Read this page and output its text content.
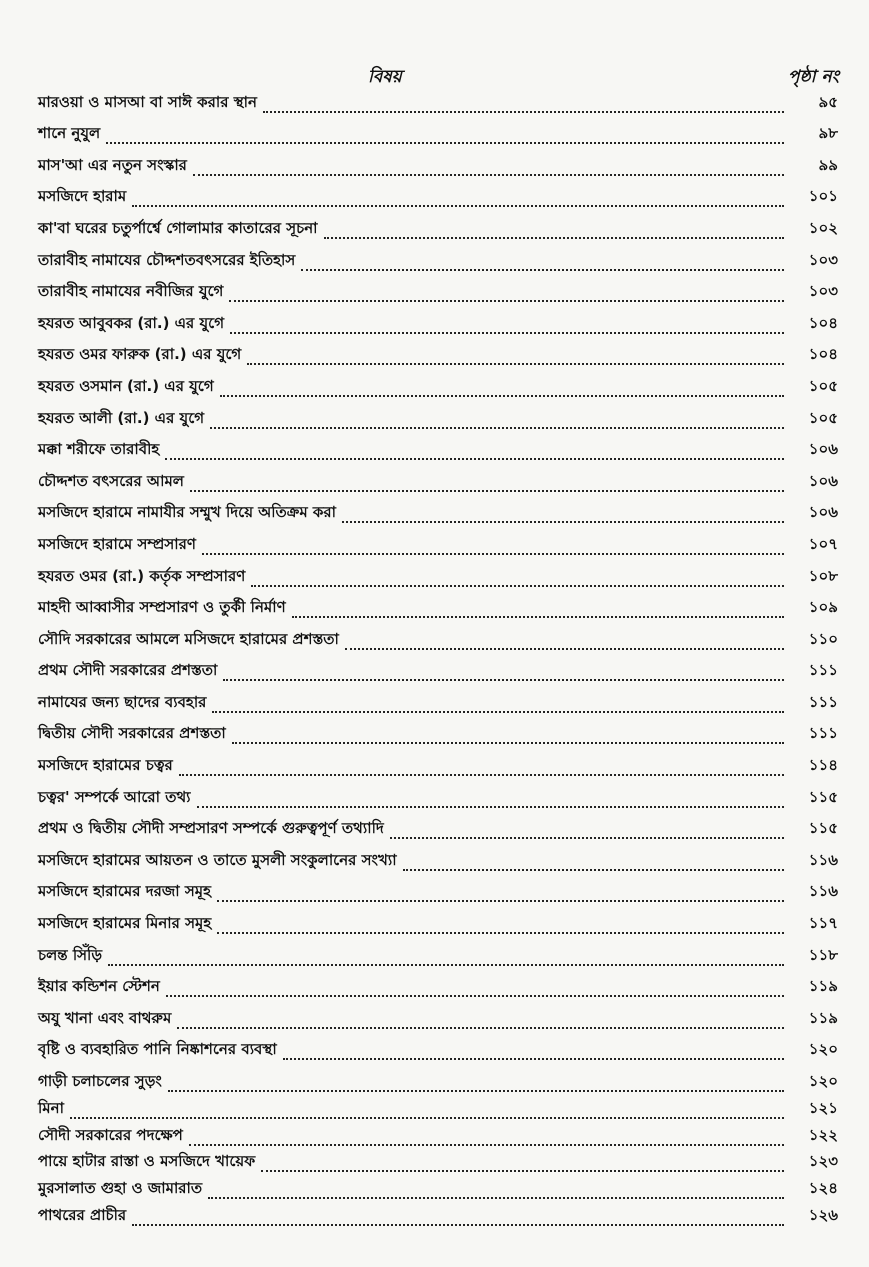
বিষয়	পৃষ্ঠা নং
মারওয়া ও মাসআ বা সাঈ করার স্থান	৯৫
শানে নুযুল	৯৮
মাস'আ এর নতুন সংস্কার	৯৯
মসজিদে হারাম	১০১
কা'বা ঘরের চতুর্পার্শ্বে গোলামার কাতারের সূচনা	১০২
তারাবীহ নামাযের চৌদ্দশতবৎসরের ইতিহাস	১০৩
তারাবীহ নামাযের নবীজির যুগে	১০৩
হযরত আবুবকর (রা.) এর যুগে	১০৪
হযরত ওমর ফারুক (রা.) এর যুগে	১০৪
হযরত ওসমান (রা.) এর যুগে	১০৫
হযরত আলী (রা.) এর যুগে	১০৫
মক্কা শরীফে তারাবীহ	১০৬
চৌদ্দশত বৎসরের আমল	১০৬
মসজিদে হারামে নামাযীর সম্মুখ দিয়ে অতিক্রম করা	১০৬
মসজিদে হারামে সম্প্রসারণ	১০৭
হযরত ওমর (রা.) কর্তৃক সম্প্রসারণ	১০৮
মাহদী আব্বাসীর সম্প্রসারণ ও তুর্কী নির্মাণ	১০৯
সৌদি সরকারের আমলে মসিজদে হারামের প্রশস্ততা	১১০
প্রথম সৌদী সরকারের প্রশস্ততা	১১১
নামাযের জন্য ছাদের ব্যবহার	১১১
দ্বিতীয় সৌদী সরকারের প্রশস্ততা	১১১
মসজিদে হারামের চত্বর	১১৪
চত্বর' সম্পর্কে আরো তথ্য	১১৫
প্রথম ও দ্বিতীয় সৌদী সম্প্রসারণ সম্পর্কে গুরুত্বপূর্ণ তথ্যাদি	১১৫
মসজিদে হারামের আয়তন ও তাতে মুসলী সংকুলানের সংখ্যা	১১৬
মসজিদে হারামের দরজা সমূহ	১১৬
মসজিদে হারামের মিনার সমূহ	১১৭
চলন্ত সিঁড়ি	১১৮
ইয়ার কন্ডিশন স্টেশন	১১৯
অযু খানা এবং বাথরুম	১১৯
বৃষ্টি ও ব্যবহারিত পানি নিষ্কাশনের ব্যবস্থা	১২০
গাড়ী চলাচলের সুড়ং	১২০
মিনা	১২১
সৌদী সরকারের পদক্ষেপ	১২২
পায়ে হাটার রাস্তা ও মসজিদে খায়েফ	১২৩
মুরসালাত গুহা ও জামারাত	১২৪
পাথরের প্রাচীর	১২৬
